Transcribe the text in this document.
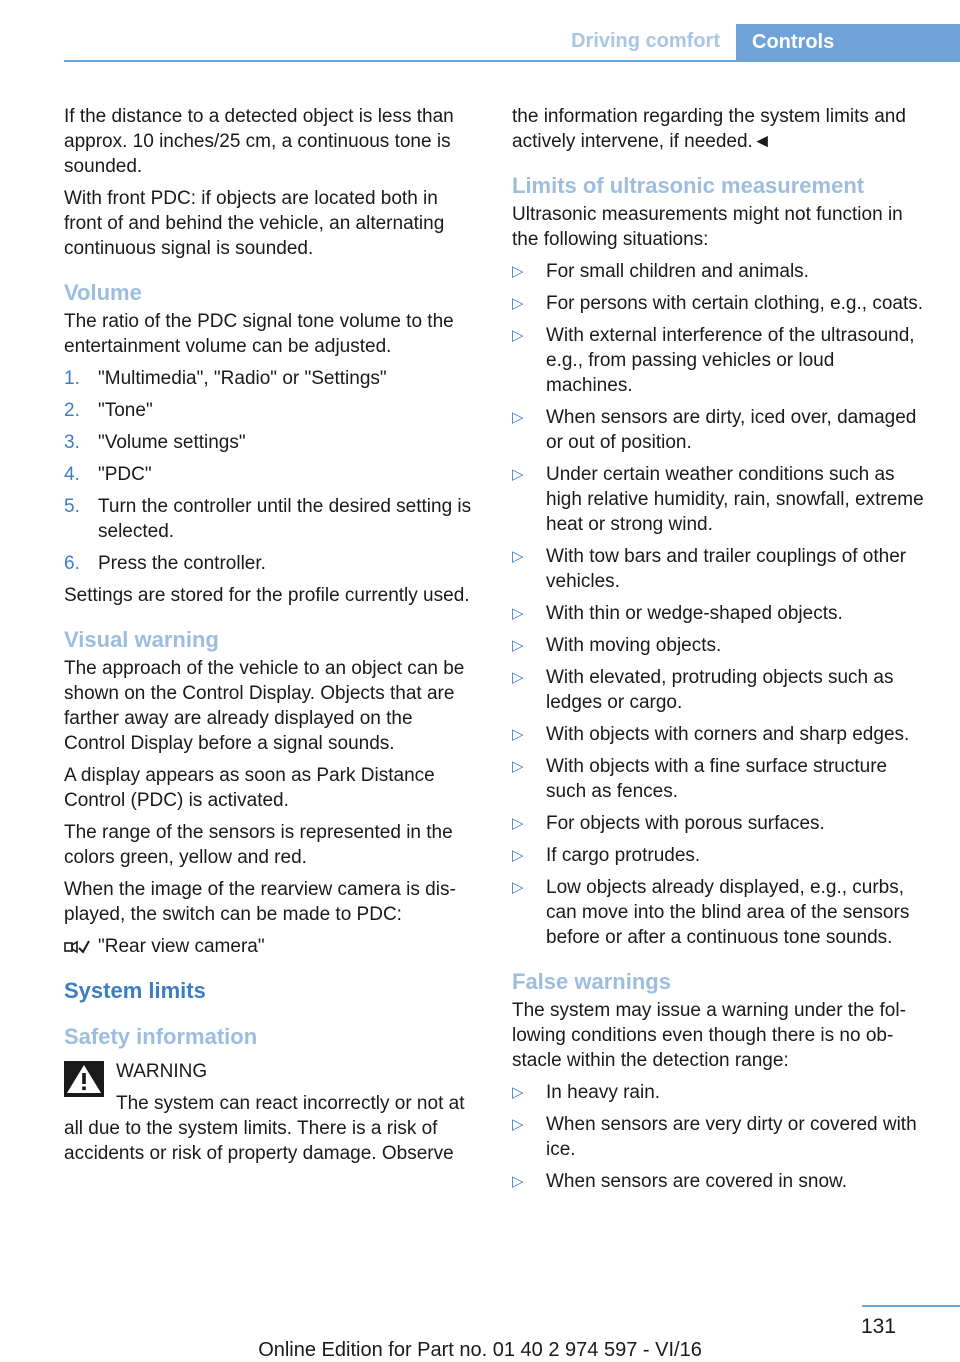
Driving comfort	Controls

If the distance to a detected object is less than approx. 10 inches/25 cm, a continuous tone is sounded.

With front PDC: if objects are located both in front of and behind the vehicle, an alternating continuous signal is sounded.

Volume

The ratio of the PDC signal tone volume to the entertainment volume can be adjusted.

1. "Multimedia", "Radio" or "Settings"
2. "Tone"
3. "Volume settings"
4. "PDC"
5. Turn the controller until the desired setting is selected.
6. Press the controller.

Settings are stored for the profile currently used.

Visual warning

The approach of the vehicle to an object can be shown on the Control Display. Objects that are farther away are already displayed on the Control Display before a signal sounds.

A display appears as soon as Park Distance Control (PDC) is activated.

The range of the sensors is represented in the colors green, yellow and red.

When the image of the rearview camera is displayed, the switch can be made to PDC:

"Rear view camera"
System limits
Safety information

WARNING

The system can react incorrectly or not at all due to the system limits. There is a risk of accidents or risk of property damage. Observe

the information regarding the system limits and actively intervene, if needed.◄

Limits of ultrasonic measurement

Ultrasonic measurements might not function in the following situations:

▷ For small children and animals.
▷ For persons with certain clothing, e.g., coats.
▷ With external interference of the ultrasound, e.g., from passing vehicles or loud machines.
▷ When sensors are dirty, iced over, damaged or out of position.
▷ Under certain weather conditions such as high relative humidity, rain, snowfall, extreme heat or strong wind.
▷ With tow bars and trailer couplings of other vehicles.
▷ With thin or wedge-shaped objects.
▷ With moving objects.
▷ With elevated, protruding objects such as ledges or cargo.
▷ With objects with corners and sharp edges.
▷ With objects with a fine surface structure such as fences.
▷ For objects with porous surfaces.
▷ If cargo protrudes.
▷ Low objects already displayed, e.g., curbs, can move into the blind area of the sensors before or after a continuous tone sounds.
False warnings

The system may issue a warning under the following conditions even though there is no obstacle within the detection range:

▷ In heavy rain.
▷ When sensors are very dirty or covered with ice.
▷ When sensors are covered in snow.
131
Online Edition for Part no. 01 40 2 974 597 - VI/16
